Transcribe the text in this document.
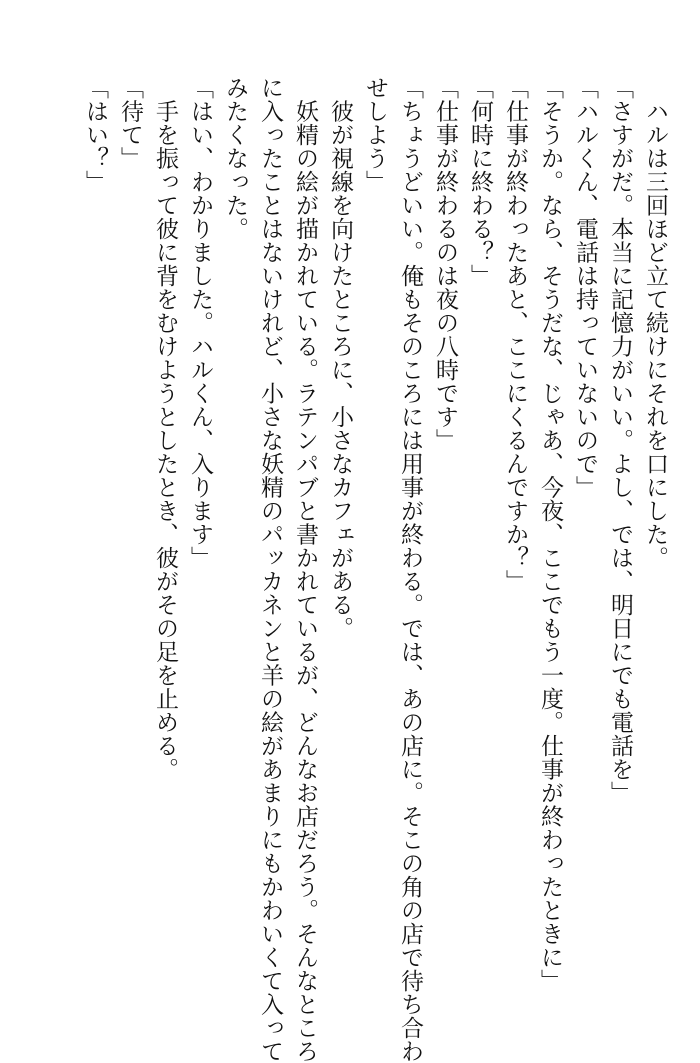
　ハルは三回ほど立て続けにそれを口にした。
「さすがだ。本当に記憶力がいい。よし、では、明日にでも電話を」
「ハルくん、電話は持っていないので」
「そうか。なら、そうだな、じゃあ、今夜、ここでもう一度。仕事が終わったときに」
「仕事が終わったあと、ここにくるんですか？」
「何時に終わる？」
「仕事が終わるのは夜の八時です」
「ちょうどいい。俺もそのころには用事が終わる。では、あの店に。そこの角の店で待ち合わ
せしよう」
　彼が視線を向けたところに、小さなカフェがある。
　妖精の絵が描かれている。ラテンパブと書かれているが、どんなお店だろう。そんなところ
に入ったことはないけれど、小さな妖精のパッカネンと羊の絵があまりにもかわいくて入って
みたくなった。
「はい、わかりました。ハルくん、入ります」
　手を振って彼に背をむけようとしたとき、彼がその足を止める。
「待て」
「はい？」
